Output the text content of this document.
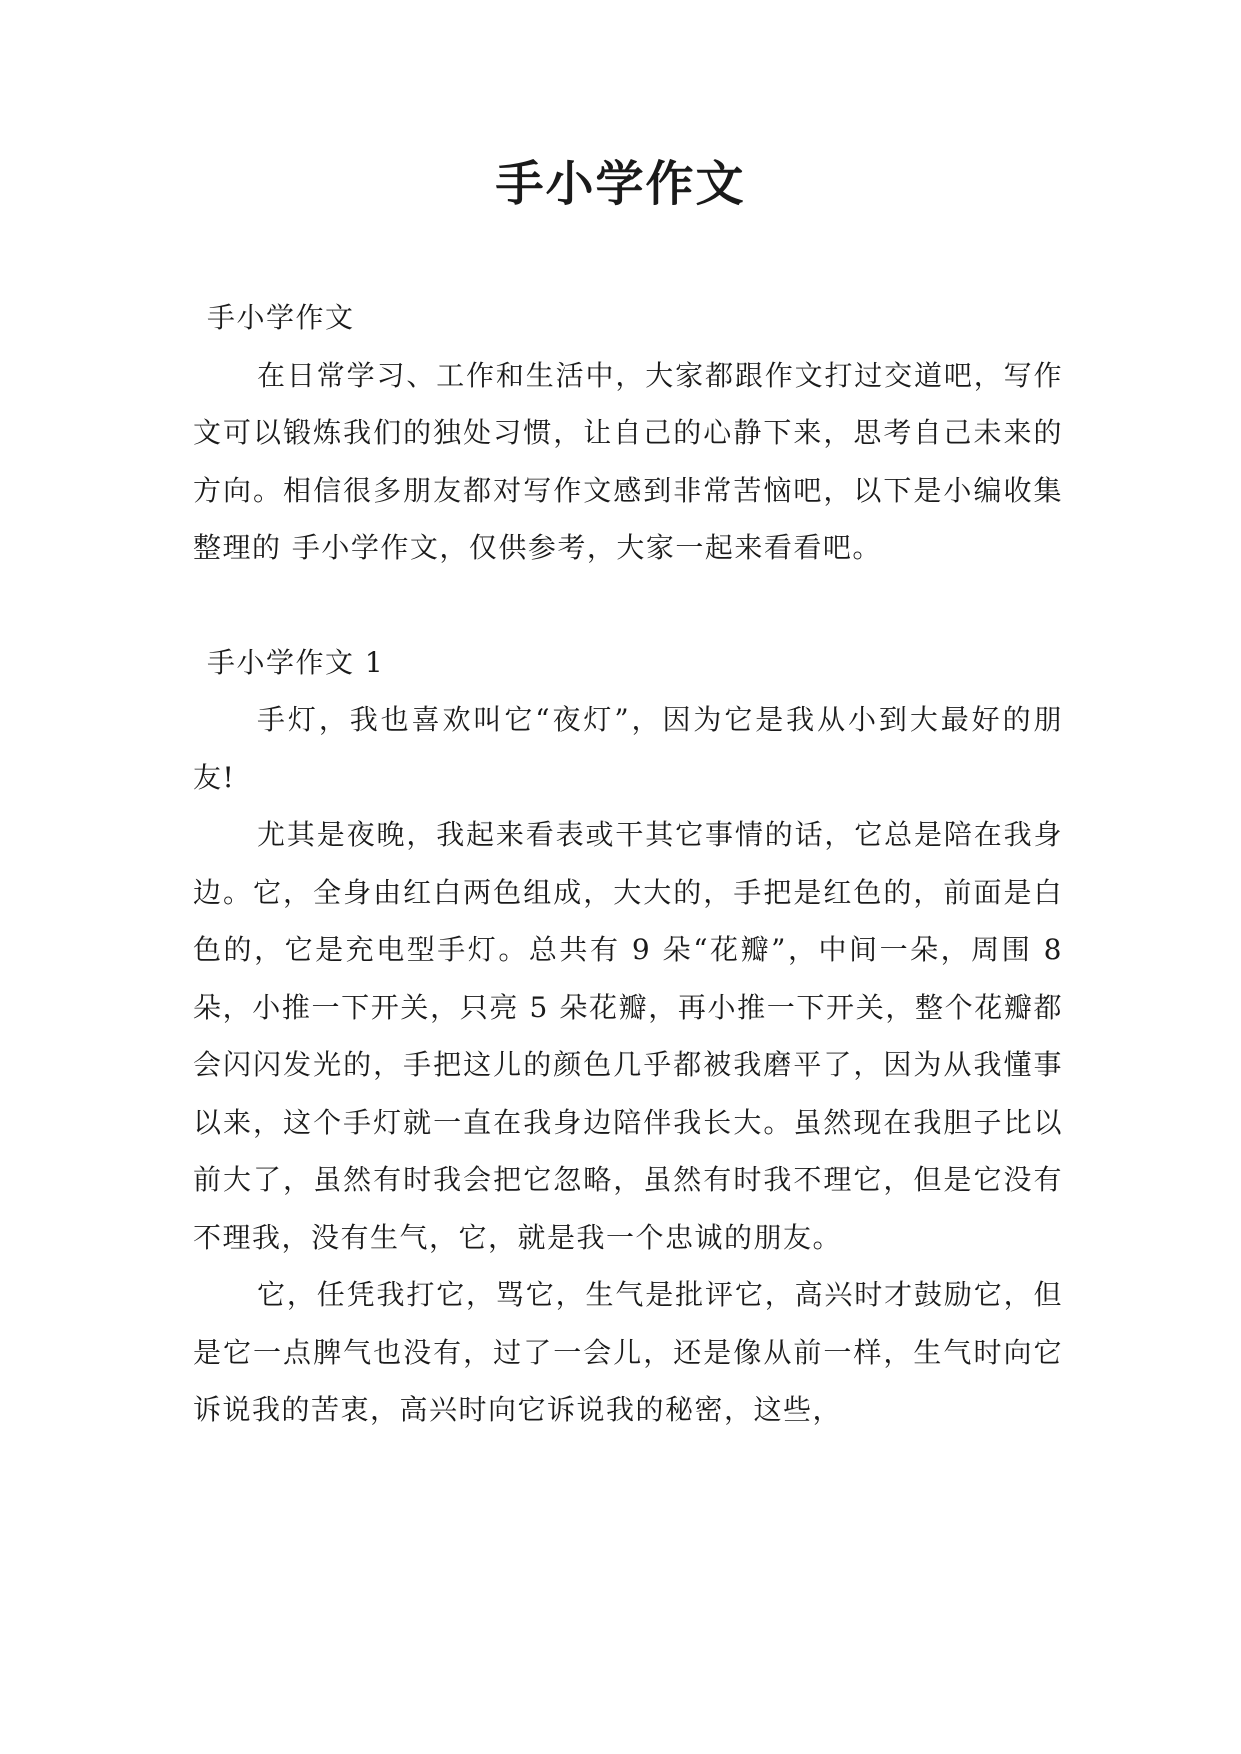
手小学作文

手小学作文

在日常学习、工作和生活中，大家都跟作文打过交道吧，写作文可以锻炼我们的独处习惯，让自己的心静下来，思考自己未来的方向。相信很多朋友都对写作文感到非常苦恼吧，以下是小编收集整理的 手小学作文，仅供参考，大家一起来看看吧。

手小学作文 1

手灯，我也喜欢叫它“夜灯”，因为它是我从小到大最好的朋友!

尤其是夜晚，我起来看表或干其它事情的话，它总是陪在我身边。它，全身由红白两色组成，大大的，手把是红色的，前面是白色的，它是充电型手灯。总共有 9 朵“花瓣”，中间一朵，周围 8 朵，小推一下开关，只亮 5 朵花瓣，再小推一下开关，整个花瓣都会闪闪发光的，手把这儿的颜色几乎都被我磨平了，因为从我懂事以来，这个手灯就一直在我身边陪伴我长大。虽然现在我胆子比以前大了，虽然有时我会把它忽略，虽然有时我不理它，但是它没有不理我，没有生气，它，就是我一个忠诚的朋友。

它，任凭我打它，骂它，生气是批评它，高兴时才鼓励它，但是它一点脾气也没有，过了一会儿，还是像从前一样，生气时向它诉说我的苦衷，高兴时向它诉说我的秘密，这些，
